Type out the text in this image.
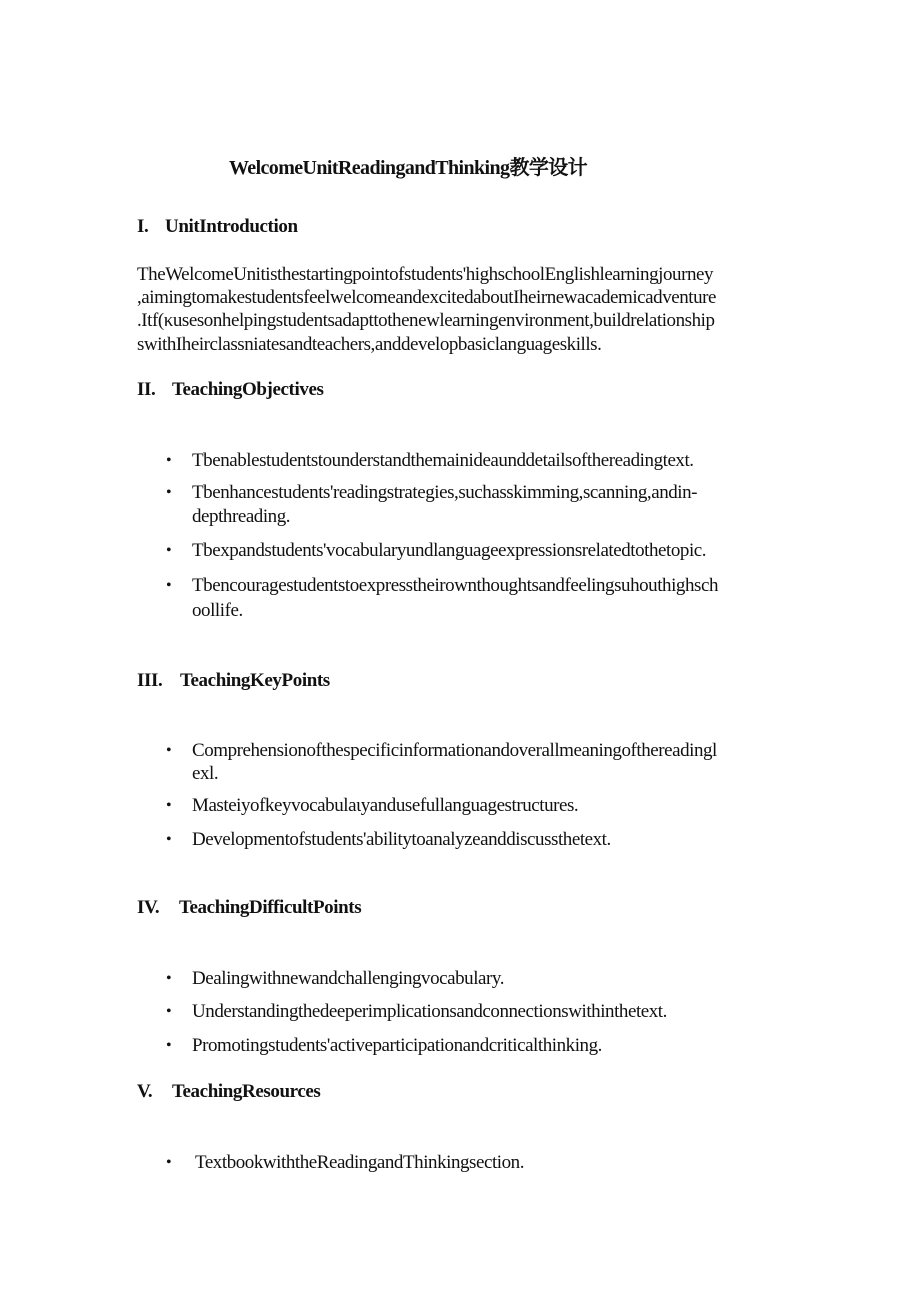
WelcomeUnitReadingandThinking教学设计
I. UnitIntroduction
TheWelcomeUnitisthestartingpointofstudents'highschoolEnglishlearningjourney
,aimingtomakestudentsfeelwelcomeandexcitedaboutIheirnewacademicadventure
.Itf(κusesonhelpingstudentsadapttothenewlearningenvironment,buildrelationship
swithIheirclassniatesandteachers,anddevelopbasiclanguageskills.
II. TeachingObjectives
• Tbenablestudentstounderstandthemainideaunddetailsofthereadingtext.
• Tbenhancestudents'readingstrategies,suchasskimming,scanning,andin-
depthreading.
• Tbexpandstudents'vocabularyundlanguageexpressionsrelatedtothetopic.
• Tbencouragestudentstoexpresstheirownthoughtsandfeelingsuhouthighsch
oollife.
III. TeachingKeyPoints
• Comprehensionofthespecificinformationandoverallmeaningofthereadingl
exl.
• Masteiyofkeyvocabulaιyandusefullanguagestructures.
• Developmentofstudents'abilitytoanalyzeanddiscussthetext.
IV. TeachingDifficultPoints
• Dealingwithnewandchallengingvocabulary.
• Understandingthedeeperimplicationsandconnectionswithinthetext.
• Promotingstudents'activeparticipationandcriticalthinking.
V. TeachingResources
• TextbookwiththeReadingandThinkingsection.
